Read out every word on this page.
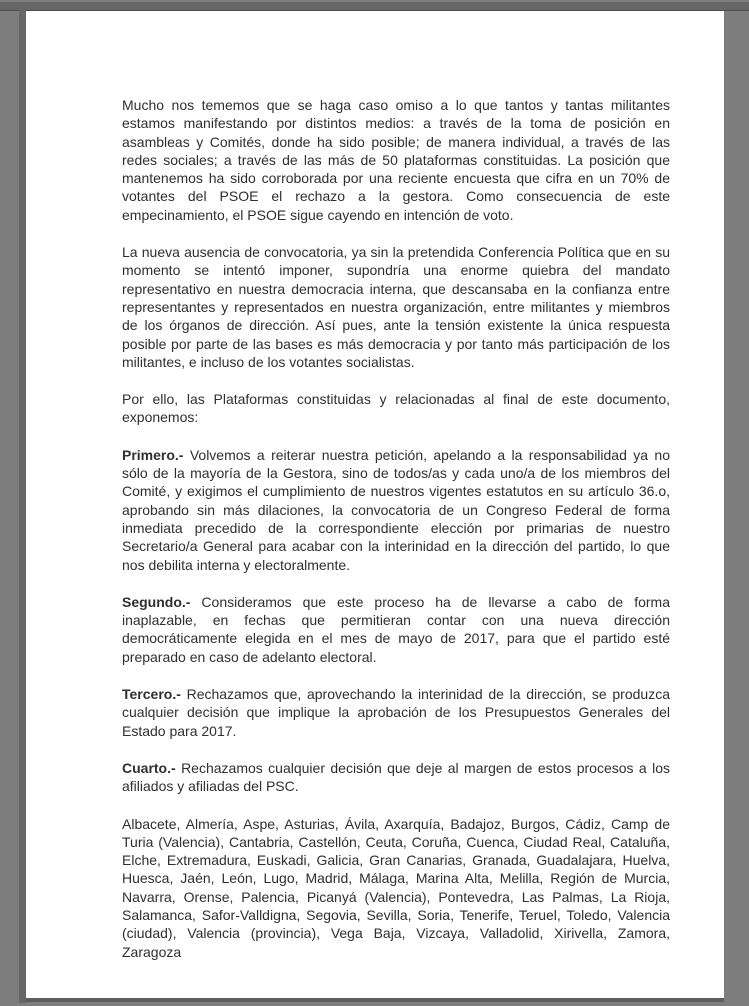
Mucho nos tememos que se haga caso omiso a lo que tantos y tantas militantes estamos manifestando por distintos medios: a través de la toma de posición en asambleas y Comités, donde ha sido posible; de manera individual, a través de las redes sociales; a través de las más de 50 plataformas constituidas. La posición que mantenemos ha sido corroborada por una reciente encuesta que cifra en un 70% de votantes del PSOE el rechazo a la gestora. Como consecuencia de este empecinamiento, el PSOE sigue cayendo en intención de voto.

La nueva ausencia de convocatoria, ya sin la pretendida Conferencia Política que en su momento se intentó imponer, supondría una enorme quiebra del mandato representativo en nuestra democracia interna, que descansaba en la confianza entre representantes y representados en nuestra organización, entre militantes y miembros de los órganos de dirección. Así pues, ante la tensión existente la única respuesta posible por parte de las bases es más democracia y por tanto más participación de los militantes, e incluso de los votantes socialistas.

Por ello, las Plataformas constituidas y relacionadas al final de este documento, exponemos:

Primero.- Volvemos a reiterar nuestra petición, apelando a la responsabilidad ya no sólo de la mayoría de la Gestora, sino de todos/as y cada uno/a de los miembros del Comité, y exigimos el cumplimiento de nuestros vigentes estatutos en su artículo 36.o, aprobando sin más dilaciones, la convocatoria de un Congreso Federal de forma inmediata precedido de la correspondiente elección por primarias de nuestro Secretario/a General para acabar con la interinidad en la dirección del partido, lo que nos debilita interna y electoralmente.

Segundo.- Consideramos que este proceso ha de llevarse a cabo de forma inaplazable, en fechas que permitieran contar con una nueva dirección democráticamente elegida en el mes de mayo de 2017, para que el partido esté preparado en caso de adelanto electoral.

Tercero.- Rechazamos que, aprovechando la interinidad de la dirección, se produzca cualquier decisión que implique la aprobación de los Presupuestos Generales del Estado para 2017.

Cuarto.- Rechazamos cualquier decisión que deje al margen de estos procesos a los afiliados y afiliadas del PSC.

Albacete, Almería, Aspe, Asturias, Ávila, Axarquía, Badajoz, Burgos, Cádiz, Camp de Turia (Valencia), Cantabria, Castellón, Ceuta, Coruña, Cuenca, Ciudad Real, Cataluña, Elche, Extremadura, Euskadi, Galicia, Gran Canarias, Granada, Guadalajara, Huelva, Huesca, Jaén, León, Lugo, Madrid, Málaga, Marina Alta, Melilla, Región de Murcia, Navarra, Orense, Palencia, Picanyá (Valencia), Pontevedra, Las Palmas, La Rioja, Salamanca, Safor-Valldigna, Segovia, Sevilla, Soria, Tenerife, Teruel, Toledo, Valencia (ciudad), Valencia (provincia), Vega Baja, Vizcaya, Valladolid, Xirivella, Zamora, Zaragoza
